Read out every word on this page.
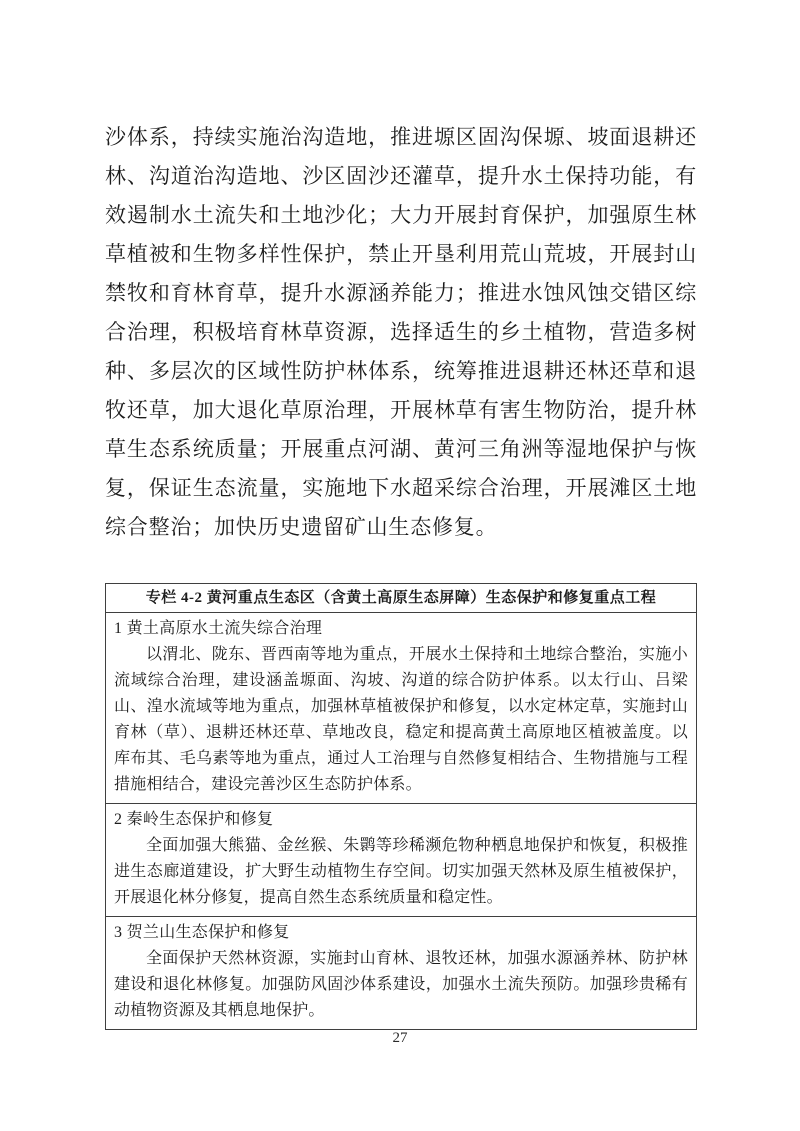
沙体系，持续实施治沟造地，推进塬区固沟保塬、坡面退耕还林、沟道治沟造地、沙区固沙还灌草，提升水土保持功能，有效遏制水土流失和土地沙化；大力开展封育保护，加强原生林草植被和生物多样性保护，禁止开垦利用荒山荒坡，开展封山禁牧和育林育草，提升水源涵养能力；推进水蚀风蚀交错区综合治理，积极培育林草资源，选择适生的乡土植物，营造多树种、多层次的区域性防护林体系，统筹推进退耕还林还草和退牧还草，加大退化草原治理，开展林草有害生物防治，提升林草生态系统质量；开展重点河湖、黄河三角洲等湿地保护与恢复，保证生态流量，实施地下水超采综合治理，开展滩区土地综合整治；加快历史遗留矿山生态修复。

专栏 4-2 黄河重点生态区（含黄土高原生态屏障）生态保护和修复重点工程
1 黄土高原水土流失综合治理

以渭北、陇东、晋西南等地为重点，开展水土保持和土地综合整治，实施小流域综合治理，建设涵盖塬面、沟坡、沟道的综合防护体系。以太行山、吕梁山、湟水流域等地为重点，加强林草植被保护和修复，以水定林定草，实施封山育林（草）、退耕还林还草、草地改良，稳定和提高黄土高原地区植被盖度。以库布其、毛乌素等地为重点，通过人工治理与自然修复相结合、生物措施与工程措施相结合，建设完善沙区生态防护体系。

2 秦岭生态保护和修复

全面加强大熊猫、金丝猴、朱鹮等珍稀濒危物种栖息地保护和恢复，积极推进生态廊道建设，扩大野生动植物生存空间。切实加强天然林及原生植被保护，开展退化林分修复，提高自然生态系统质量和稳定性。

3 贺兰山生态保护和修复

全面保护天然林资源，实施封山育林、退牧还林，加强水源涵养林、防护林建设和退化林修复。加强防风固沙体系建设，加强水土流失预防。加强珍贵稀有动植物资源及其栖息地保护。

27
